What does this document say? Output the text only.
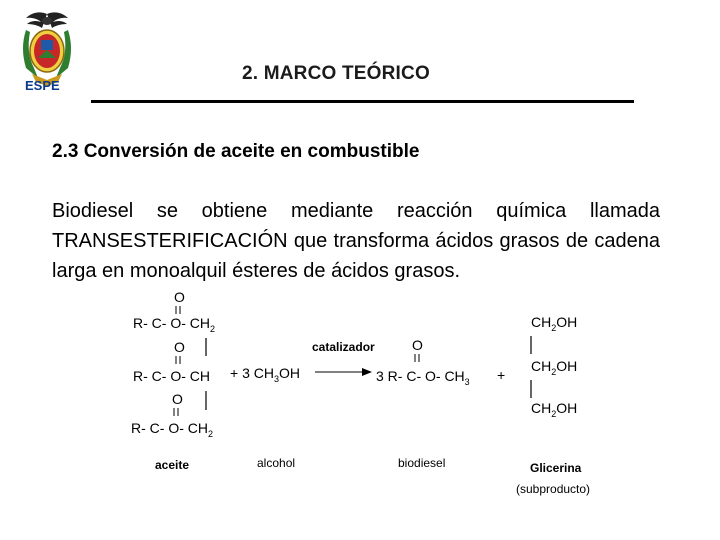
ESPE
2. MARCO TEÓRICO
2.3 Conversión de aceite en combustible
Biodiesel se obtiene mediante reacción química llamada TRANSESTERIFICACIÓN que transforma ácidos grasos de cadena larga en monoalquil ésteres de ácidos grasos.
O
R- C- O- $CH_2$
O
R- C- O- CH
O
R- C- O- $CH_2$
+ 3 $CH_3OH$
catalizador	O
3 R- C- O- $CH_3$ +
$CH_2OH$
$CH_2OH$
$CH_2OH$
aceite	alcohol	biodiesel	Glicerina
(subproducto)
